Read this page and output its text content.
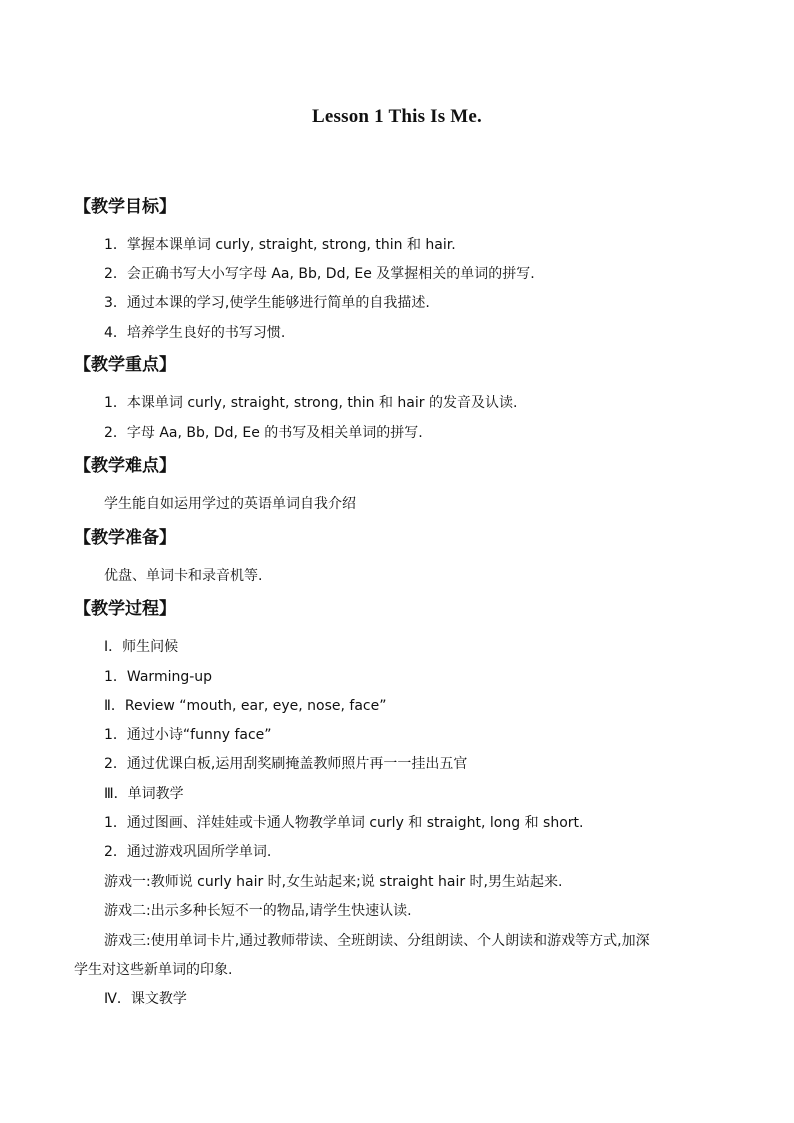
Lesson 1 This Is Me.
【教学目标】
1．掌握本课单词 curly, straight, strong, thin 和 hair.
2．会正确书写大小写字母 Aa, Bb, Dd, Ee 及掌握相关的单词的拼写.
3．通过本课的学习,使学生能够进行简单的自我描述.
4．培养学生良好的书写习惯.
【教学重点】
1．本课单词 curly, straight, strong, thin 和 hair 的发音及认读.
2．字母 Aa, Bb, Dd, Ee 的书写及相关单词的拼写.
【教学难点】
学生能自如运用学过的英语单词自我介绍
【教学准备】
优盘、单词卡和录音机等.
【教学过程】
Ⅰ．师生问候
1．Warming-up
Ⅱ．Review “mouth, ear, eye, nose, face”
1．通过小诗“funny face”
2．通过优课白板,运用刮奖刷掩盖教师照片再一一挂出五官
Ⅲ．单词教学
1．通过图画、洋娃娃或卡通人物教学单词 curly 和 straight, long 和 short.
2．通过游戏巩固所学单词.
游戏一:教师说 curly hair 时,女生站起来;说 straight hair 时,男生站起来.
游戏二:出示多种长短不一的物品,请学生快速认读.
游戏三:使用单词卡片,通过教师带读、全班朗读、分组朗读、个人朗读和游戏等方式,加深
学生对这些新单词的印象.
Ⅳ．课文教学
